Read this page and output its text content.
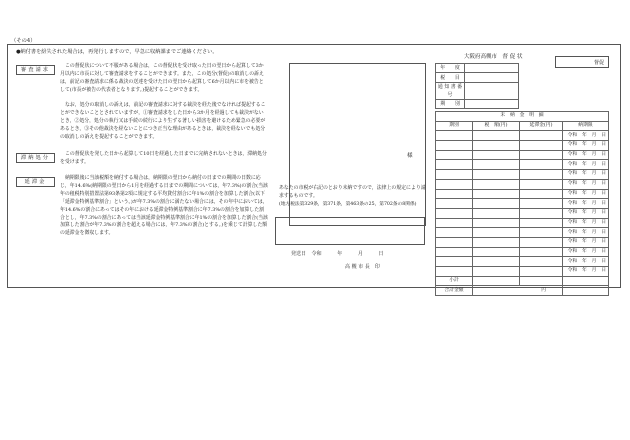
（その4）
●納付書を紛失された場合は，再発行しますので，早急に収納課までご連絡ください。
審査請求
この督促状について不服がある場合は，この督促状を受け取った日の翌日から起算して3か月以内に市長に対して審査請求をすることができます。また，この処分(督促)の取消しの訴えは，前記の審査請求に係る裁決の送達を受けた日の翌日から起算して6か月以内に市を被告として(市長が被告の代表者となります。)提起することができます。
なお，処分の取消しの訴えは，前記の審査請求に対する裁決を経た後でなければ提起することができないこととされていますが，①審査請求をした日から3か月を経過しても裁決がないとき，②処分，処分の執行又は手続の続行により生ずる著しい損害を避けるため緊急の必要があるとき，③その他裁決を経ないことにつき正当な理由があるときは，裁決を経ないでも処分の取消しの訴えを提起することができます。
滞納処分
この督促状を発した日から起算して10日を経過した日までに完納されないときは，滞納処分を受けます。
延滞金
納期限後に当該税額を納付する場合は，納期限の翌日から納付の日までの期間の日数に応じ，年14.6%(納期限の翌日から1月を経過する日までの期間については，年7.3%)の割合(当該年の租税特別措置法第93条第2項に規定する平均貸付割合に年1%の割合を加算した割合(以下「延滞金特例基準割合」という。)が年7.3%の割合に満たない場合には，その年中においては，年14.6%の割合にあってはその年における延滞金特例基準割合に年7.3%の割合を加算した割合とし，年7.3%の割合にあっては当該延滞金特例基準割合に年1%の割合を加算した割合(当該加算した割合が年7.3%の割合を超える場合には，年7.3%の割合)とする。)を乗じて計算した額の延滞金を徴収します。
様
あなたの市税が右記のとおり未納ですので，法律上の規定により請求するものです。
(地方税法第329条，第371条，第463条の25，第702条の8関係)
発送日 令和	年	月	日
高 槻 市 長　印
大阪府高槻市　督 促 状
督促
年　　度	
税　　目	
通 知 書 番 号	
期　　別	
未　納　金　明　細			
期別	税　額(円)	延滞金(円)	納期限
			令和　年　月　日
			令和　年　月　日
			令和　年　月　日
			令和　年　月　日
			令和　年　月　日
			令和　年　月　日
			令和　年　月　日
			令和　年　月　日
			令和　年　月　日
			令和　年　月　日
			令和　年　月　日
			令和　年　月　日
			令和　年　月　日
			令和　年　月　日
			令和　年　月　日
小計			
合計金額	円		
